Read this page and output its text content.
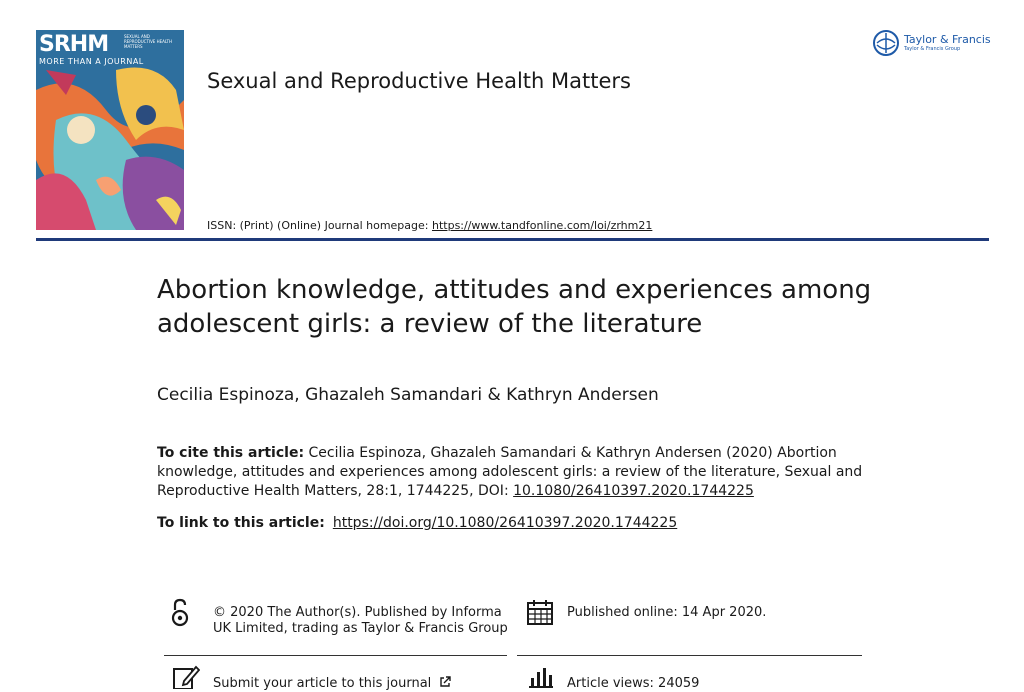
SRHM
MORE THAN A JOURNAL
SEXUAL AND REPRODUCTIVE HEALTH MATTERS
Taylor & Francis
Taylor & Francis Group
Sexual and Reproductive Health Matters
ISSN: (Print) (Online) Journal homepage: https://www.tandfonline.com/loi/zrhm21
Abortion knowledge, attitudes and experiences among adolescent girls: a review of the literature
Cecilia Espinoza, Ghazaleh Samandari & Kathryn Andersen
To cite this article: Cecilia Espinoza, Ghazaleh Samandari & Kathryn Andersen (2020) Abortion knowledge, attitudes and experiences among adolescent girls: a review of the literature, Sexual and Reproductive Health Matters, 28:1, 1744225, DOI: 10.1080/26410397.2020.1744225
To link to this article: https://doi.org/10.1080/26410397.2020.1744225
© 2020 The Author(s). Published by Informa UK Limited, trading as Taylor & Francis Group
Published online: 14 Apr 2020.
Submit your article to this journal	Article views: 24059
